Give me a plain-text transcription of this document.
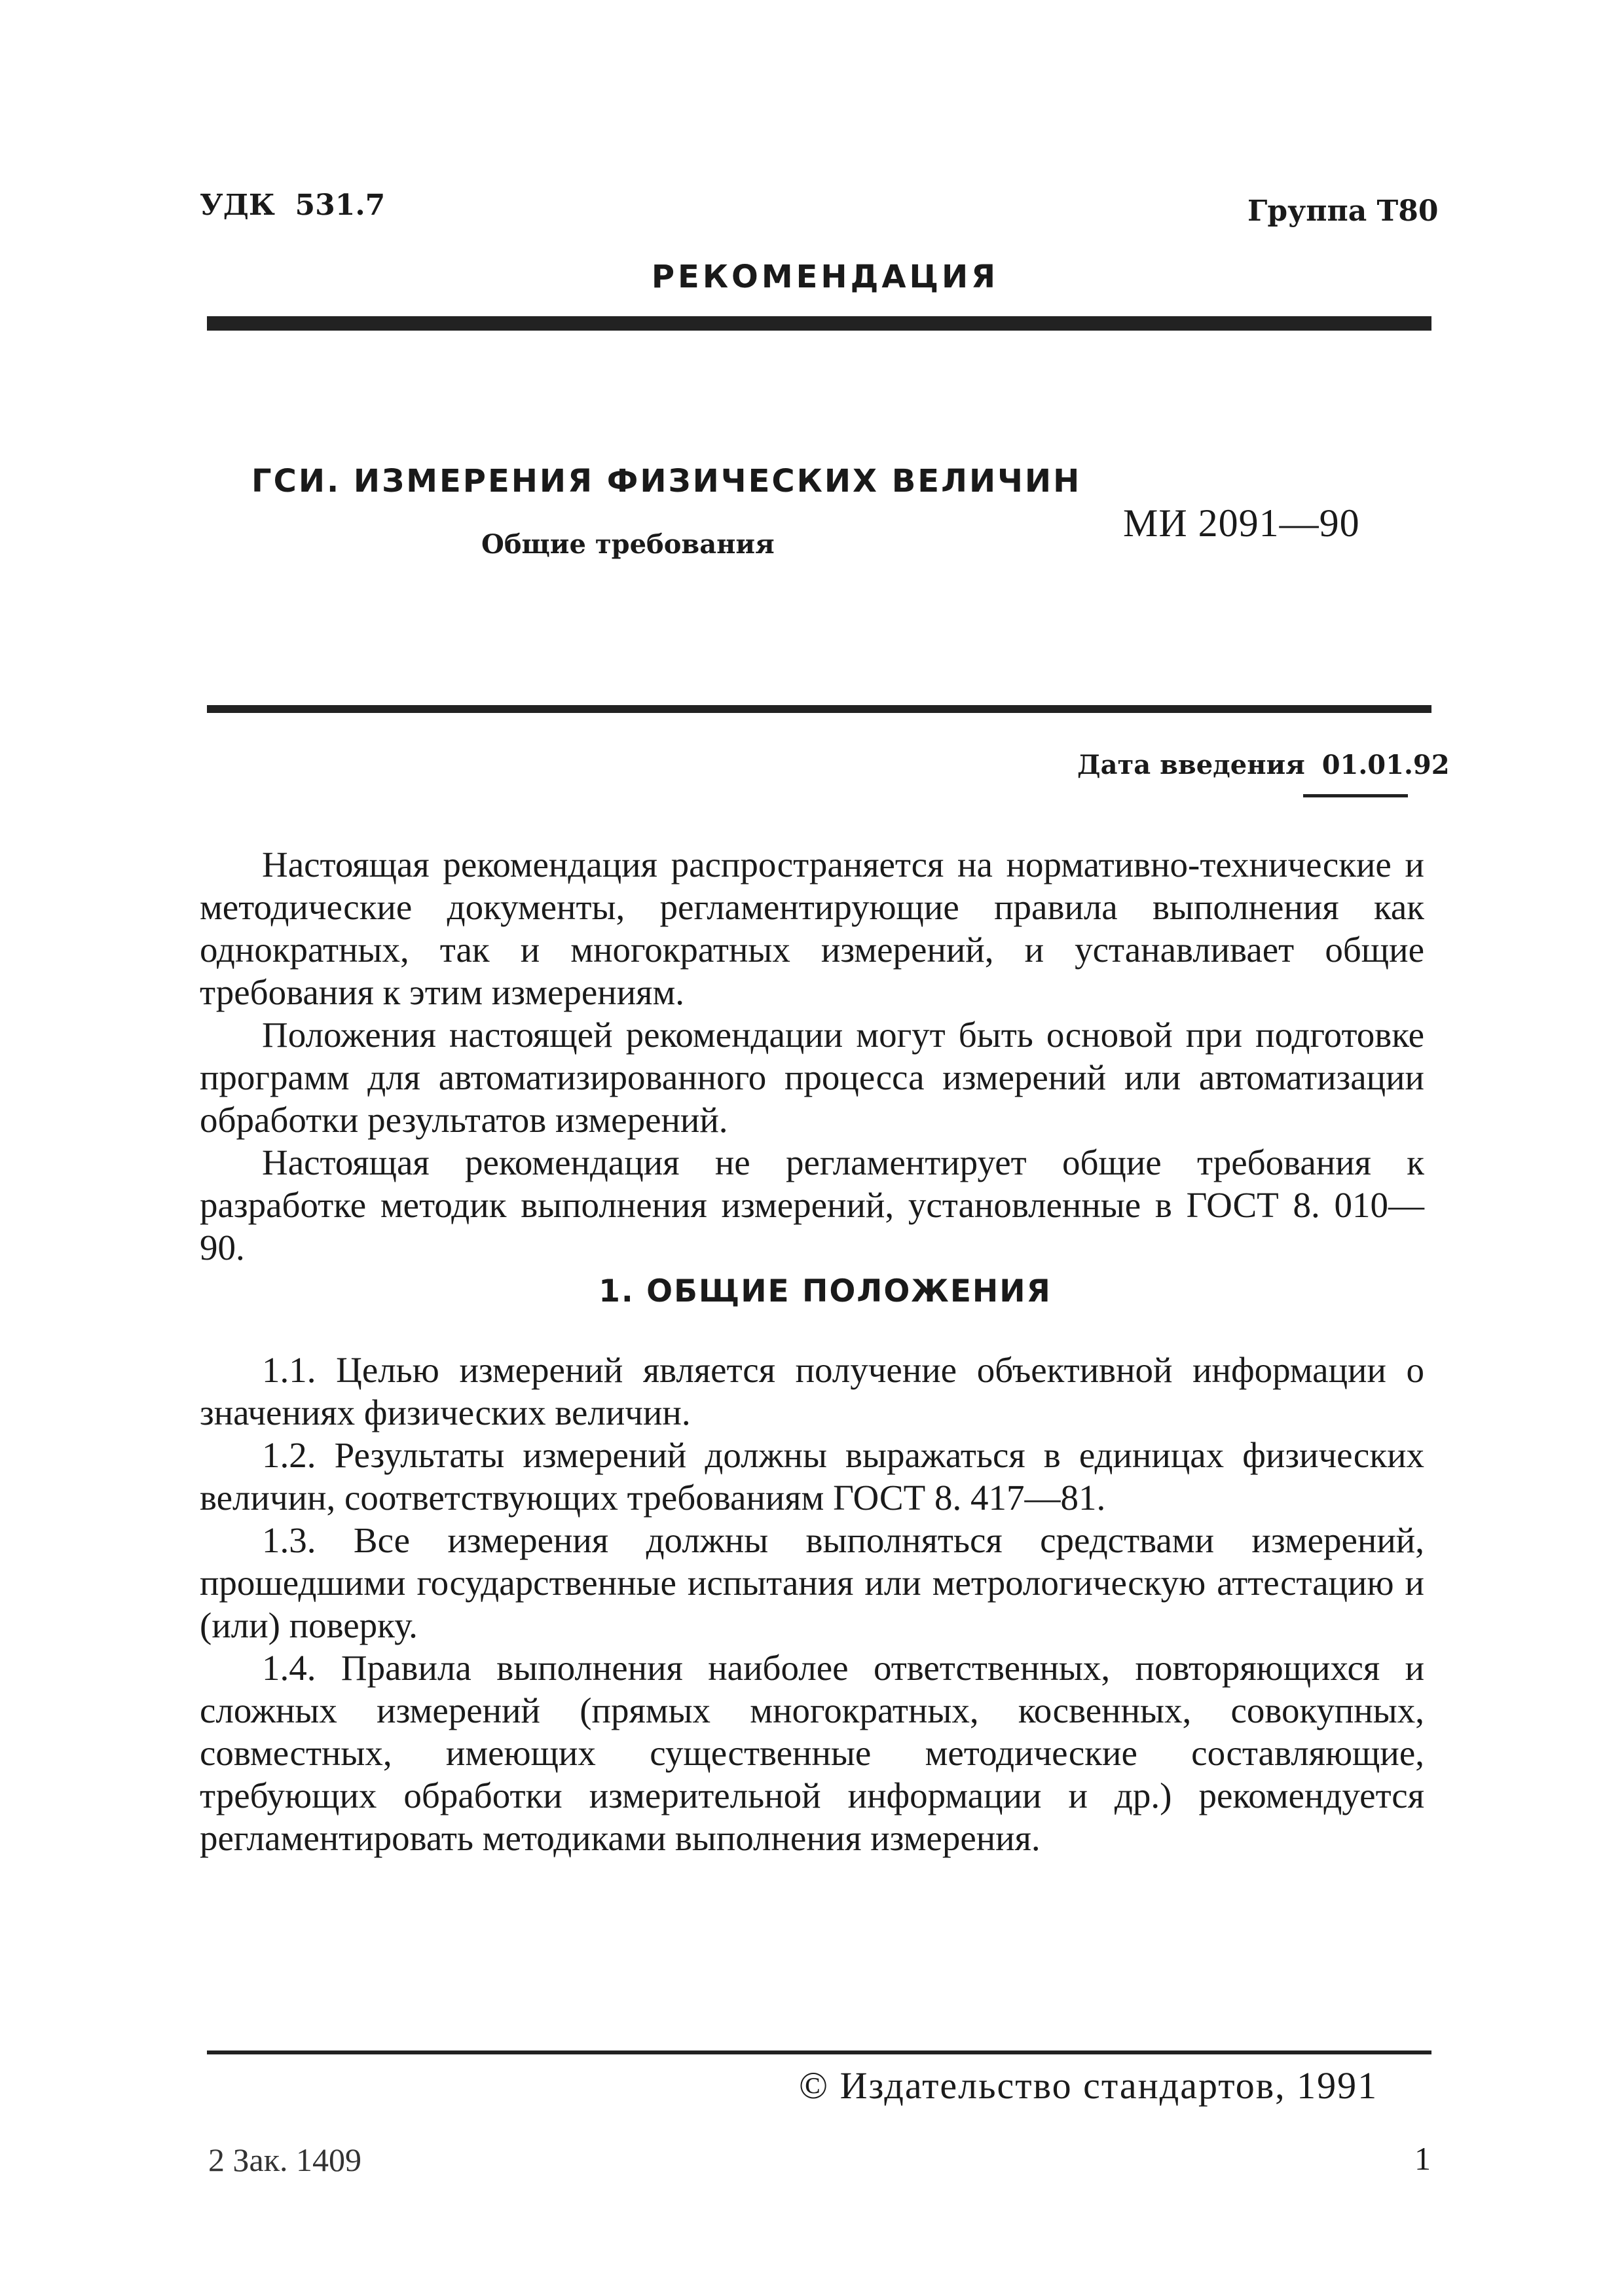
УДК  531.7	Группа Т80
РЕКОМЕНДАЦИЯ
ГСИ. ИЗМЕРЕНИЯ ФИЗИЧЕСКИХ ВЕЛИЧИН
Общие требования	МИ 2091—90
Дата введения 01.01.92

Настоящая рекомендация распространяется на нормативно-технические и методические документы, регламентирующие правила выполнения как однократных, так и многократных измерений, и устанавливает общие требования к этим измерениям.

Положения настоящей рекомендации могут быть основой при подготовке программ для автоматизированного процесса измерений или автоматизации обработки результатов измерений.

Настоящая рекомендация не регламентирует общие требования к разработке методик выполнения измерений, установленные в ГОСТ 8. 010—90.

1. ОБЩИЕ ПОЛОЖЕНИЯ

1.1. Целью измерений является получение объективной информации о значениях физических величин.

1.2. Результаты измерений должны выражаться в единицах физических величин, соответствующих требованиям ГОСТ 8. 417—81.

1.3. Все измерения должны выполняться средствами измерений, прошедшими государственные испытания или метрологическую аттестацию и (или) поверку.

1.4. Правила выполнения наиболее ответственных, повторяющихся и сложных измерений (прямых многократных, косвенных, совокупных, совместных, имеющих существенные методические составляющие, требующих обработки измерительной информации и др.) рекомендуется регламентировать методиками выполнения измерения.

© Издательство стандартов, 1991
2 Зак. 1409	1
